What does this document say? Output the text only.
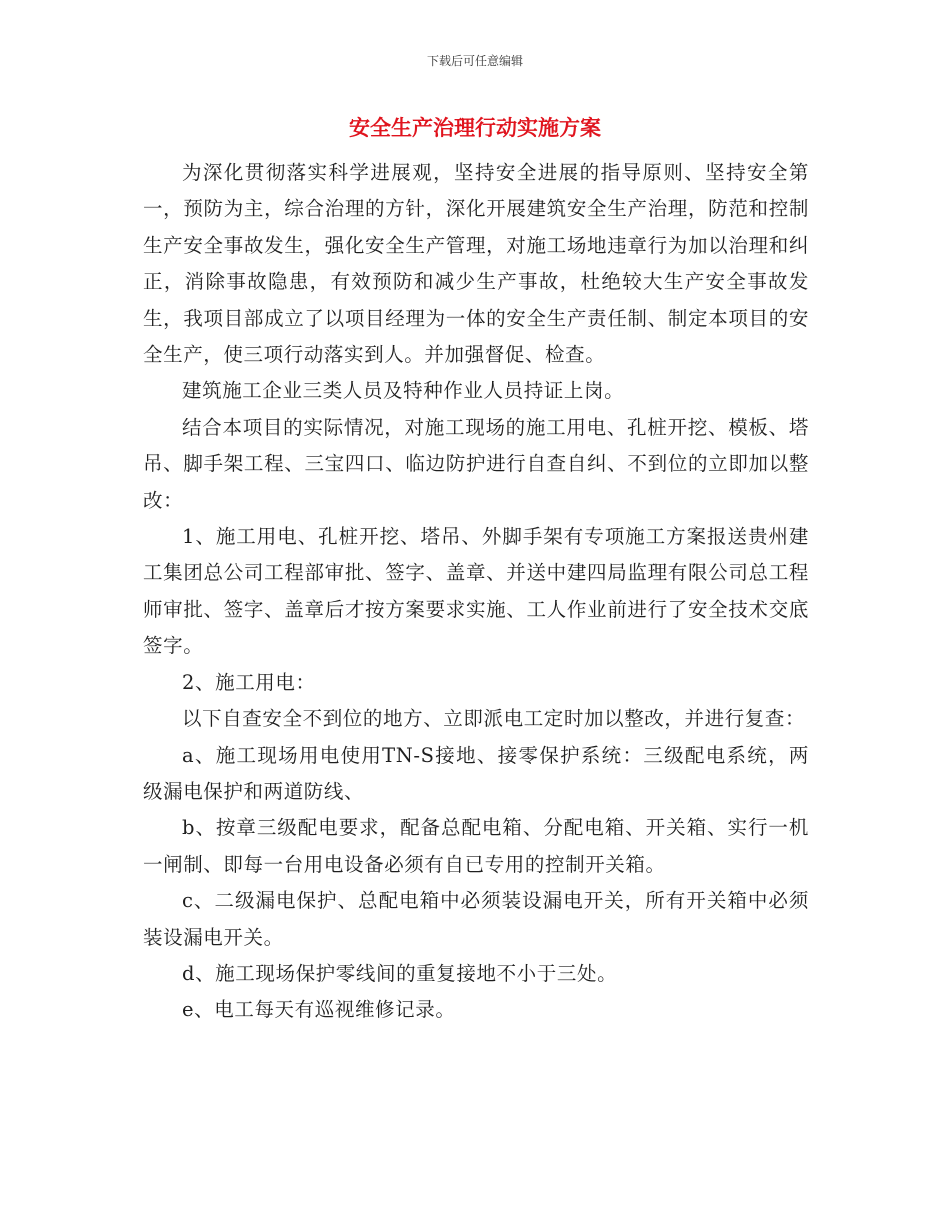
下载后可任意编辑
安全生产治理行动实施方案

为深化贯彻落实科学进展观，坚持安全进展的指导原则、坚持安全第一，预防为主，综合治理的方针，深化开展建筑安全生产治理，防范和控制生产安全事故发生，强化安全生产管理，对施工场地违章行为加以治理和纠正，消除事故隐患，有效预防和减少生产事故，杜绝较大生产安全事故发生，我项目部成立了以项目经理为一体的安全生产责任制、制定本项目的安全生产，使三项行动落实到人。并加强督促、检查。

建筑施工企业三类人员及特种作业人员持证上岗。

结合本项目的实际情况，对施工现场的施工用电、孔桩开挖、模板、塔吊、脚手架工程、三宝四口、临边防护进行自查自纠、不到位的立即加以整改：

1、施工用电、孔桩开挖、塔吊、外脚手架有专项施工方案报送贵州建工集团总公司工程部审批、签字、盖章、并送中建四局监理有限公司总工程师审批、签字、盖章后才按方案要求实施、工人作业前进行了安全技术交底签字。

2、施工用电：

以下自查安全不到位的地方、立即派电工定时加以整改，并进行复查：

a、施工现场用电使用TN-S接地、接零保护系统：三级配电系统，两级漏电保护和两道防线、

b、按章三级配电要求，配备总配电箱、分配电箱、开关箱、实行一机一闸制、即每一台用电设备必须有自已专用的控制开关箱。

c、二级漏电保护、总配电箱中必须装设漏电开关，所有开关箱中必须装设漏电开关。

d、施工现场保护零线间的重复接地不小于三处。

e、电工每天有巡视维修记录。
